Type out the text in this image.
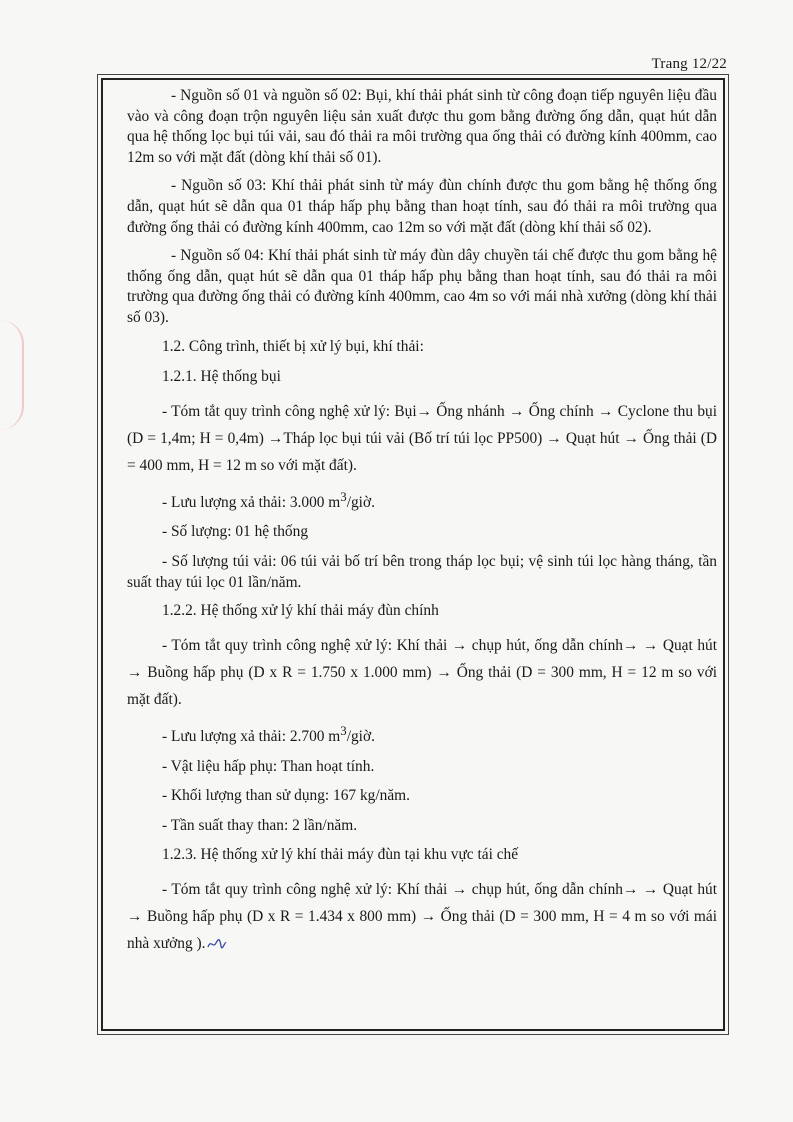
Trang 12/22

- Nguồn số 01 và nguồn số 02: Bụi, khí thải phát sinh từ công đoạn tiếp nguyên liệu đầu vào và công đoạn trộn nguyên liệu sản xuất được thu gom bằng đường ống dẫn, quạt hút dẫn qua hệ thống lọc bụi túi vải, sau đó thải ra môi trường qua ống thải có đường kính 400mm, cao 12m so với mặt đất (dòng khí thải số 01).

- Nguồn số 03: Khí thải phát sinh từ máy đùn chính được thu gom bằng hệ thống ống dẫn, quạt hút sẽ dẫn qua 01 tháp hấp phụ bằng than hoạt tính, sau đó thải ra môi trường qua đường ống thải có đường kính 400mm, cao 12m so với mặt đất (dòng khí thải số 02).

- Nguồn số 04: Khí thải phát sinh từ máy đùn dây chuyền tái chế được thu gom bằng hệ thống ống dẫn, quạt hút sẽ dẫn qua 01 tháp hấp phụ bằng than hoạt tính, sau đó thải ra môi trường qua đường ống thải có đường kính 400mm, cao 4m so với mái nhà xưởng (dòng khí thải số 03).

1.2. Công trình, thiết bị xử lý bụi, khí thải:

1.2.1. Hệ thống bụi

- Tóm tắt quy trình công nghệ xử lý: Bụi→ Ống nhánh → Ống chính → Cyclone thu bụi (D = 1,4m; H = 0,4m) →Tháp lọc bụi túi vải (Bố trí túi lọc PP500) → Quạt hút → Ống thải (D = 400 mm, H = 12 m so với mặt đất).

- Lưu lượng xả thải: 3.000 $m^3$/giờ.

- Số lượng: 01 hệ thống

- Số lượng túi vải: 06 túi vải bố trí bên trong tháp lọc bụi; vệ sinh túi lọc hàng tháng, tần suất thay túi lọc 01 lần/năm.

1.2.2. Hệ thống xử lý khí thải máy đùn chính

- Tóm tắt quy trình công nghệ xử lý: Khí thải → chụp hút, ống dẫn chính→ → Quạt hút → Buồng hấp phụ (D x R = 1.750 x 1.000 mm) → Ống thải (D = 300 mm, H = 12 m so với mặt đất).

- Lưu lượng xả thải: 2.700 $m^3$/giờ.

- Vật liệu hấp phụ: Than hoạt tính.

- Khối lượng than sử dụng: 167 kg/năm.

- Tần suất thay than: 2 lần/năm.

1.2.3. Hệ thống xử lý khí thải máy đùn tại khu vực tái chế

- Tóm tắt quy trình công nghệ xử lý: Khí thải → chụp hút, ống dẫn chính→ → Quạt hút → Buồng hấp phụ (D x R = 1.434 x 800 mm) → Ống thải (D = 300 mm, H = 4 m so với mái nhà xưởng ).
